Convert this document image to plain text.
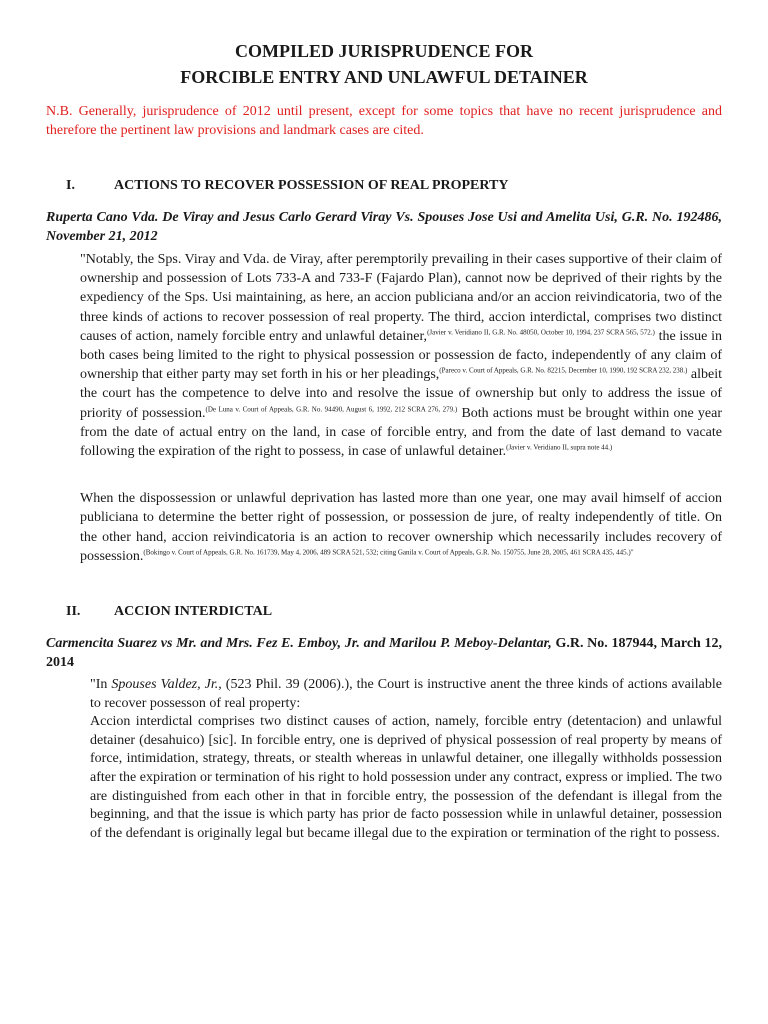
COMPILED JURISPRUDENCE FOR
FORCIBLE ENTRY AND UNLAWFUL DETAINER

N.B. Generally, jurisprudence of 2012 until present, except for some topics that have no recent jurisprudence and therefore the pertinent law provisions and landmark cases are cited.

I.	ACTIONS TO RECOVER POSSESSION OF REAL PROPERTY

Ruperta Cano Vda. De Viray and Jesus Carlo Gerard Viray Vs. Spouses Jose Usi and Amelita Usi, G.R. No. 192486, November 21, 2012

"Notably, the Sps. Viray and Vda. de Viray, after peremptorily prevailing in their cases supportive of their claim of ownership and possession of Lots 733-A and 733-F (Fajardo Plan), cannot now be deprived of their rights by the expediency of the Sps. Usi maintaining, as here, an accion publiciana and/or an accion reivindicatoria, two of the three kinds of actions to recover possession of real property. The third, accion interdictal, comprises two distinct causes of action, namely forcible entry and unlawful detainer,$^{(Javier v. Veridiano II, G.R. No. 48050, October 10, 1994, 237 SCRA 565, 572.)}$ the issue in both cases being limited to the right to physical possession or possession de facto, independently of any claim of ownership that either party may set forth in his or her pleadings,$^{(Pareco v. Court of Appeals, G.R. No. 82215, December 10, 1990, 192 SCRA 232, 238.)}$ albeit the court has the competence to delve into and resolve the issue of ownership but only to address the issue of priority of possession.$^{(De Luna v. Court of Appeals, G.R. No. 94490, August 6, 1992, 212 SCRA 276, 279.)}$ Both actions must be brought within one year from the date of actual entry on the land, in case of forcible entry, and from the date of last demand to vacate following the expiration of the right to possess, in case of unlawful detainer.$^{(Javier v. Veridiano II, supra note 44.)}$

When the dispossession or unlawful deprivation has lasted more than one year, one may avail himself of accion publiciana to determine the better right of possession, or possession de jure, of realty independently of title. On the other hand, accion reivindicatoria is an action to recover ownership which necessarily includes recovery of possession.$^{(Bokingo v. Court of Appeals, G.R. No. 161739, May 4, 2006, 489 SCRA 521, 532; citing Ganila v. Court of Appeals, G.R. No. 150755, June 28, 2005, 461 SCRA 435, 445.)"}$

II.	ACCION INTERDICTAL

Carmencita Suarez vs Mr. and Mrs. Fez E. Emboy, Jr. and Marilou P. Meboy-Delantar, G.R. No. 187944, March 12, 2014

"In Spouses Valdez, Jr., (523 Phil. 39 (2006).), the Court is instructive anent the three kinds of actions available to recover possesson of real property:

Accion interdictal comprises two distinct causes of action, namely, forcible entry (detentacion) and unlawful detainer (desahuico) [sic]. In forcible entry, one is deprived of physical possession of real property by means of force, intimidation, strategy, threats, or stealth whereas in unlawful detainer, one illegally withholds possession after the expiration or termination of his right to hold possession under any contract, express or implied. The two are distinguished from each other in that in forcible entry, the possession of the defendant is illegal from the beginning, and that the issue is which party has prior de facto possession while in unlawful detainer, possession of the defendant is originally legal but became illegal due to the expiration or termination of the right to possess.
